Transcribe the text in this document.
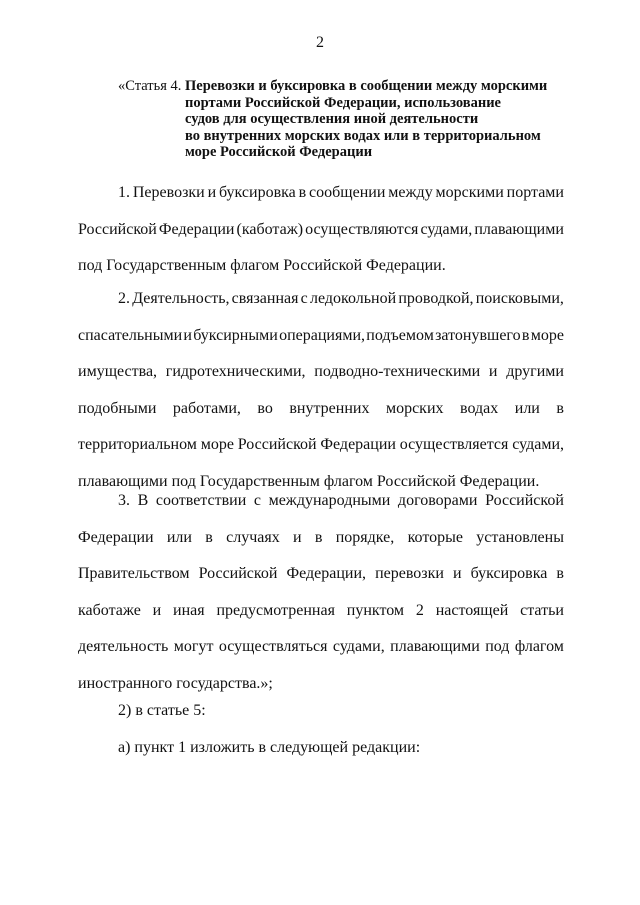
2
«Статья 4. Перевозки и буксировка в сообщении между морскими
портами Российской Федерации, использование
судов для осуществления иной деятельности
во внутренних морских водах или в территориальном
море Российской Федерации
1. Перевозки и буксировка в сообщении между морскими портами
Российской Федерации (каботаж) осуществляются судами, плавающими
под Государственным флагом Российской Федерации.
2. Деятельность, связанная с ледокольной проводкой, поисковыми,
спасательными и буксирными операциями, подъемом затонувшего в море
имущества, гидротехническими, подводно-техническими и другими
подобными работами, во внутренних морских водах или в
территориальном море Российской Федерации осуществляется судами,
плавающими под Государственным флагом Российской Федерации.
3. В соответствии с международными договорами Российской
Федерации или в случаях и в порядке, которые установлены
Правительством Российской Федерации, перевозки и буксировка в
каботаже и иная предусмотренная пунктом 2 настоящей статьи
деятельность могут осуществляться судами, плавающими под флагом
иностранного государства.»;
2) в статье 5:
а) пункт 1 изложить в следующей редакции:
